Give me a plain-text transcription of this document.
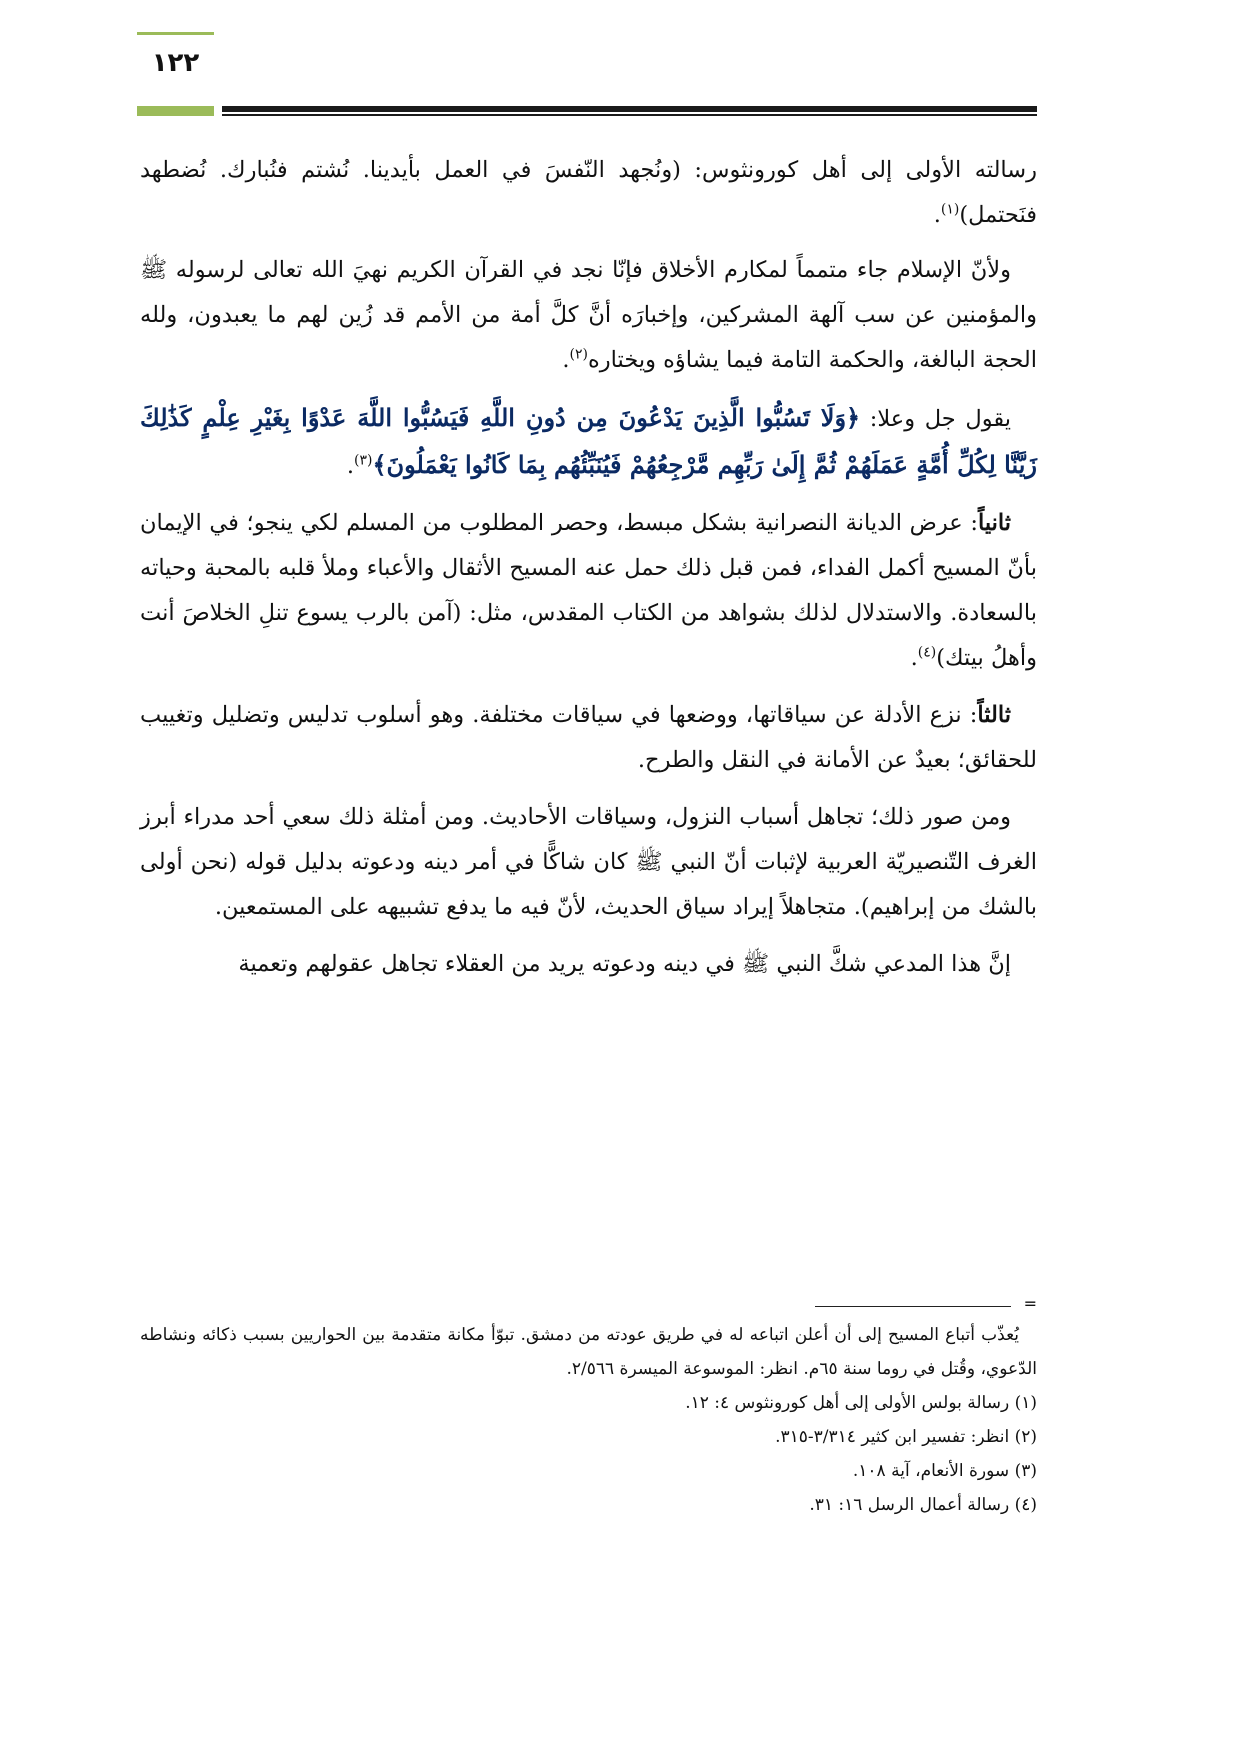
١٢٢

رسالته الأولى إلى أهل كورونثوس: (ونُجهد النّفسَ في العمل بأيدينا. نُشتم فنُبارك. نُضطهد فنَحتمل)$^{(١)}$.

ولأنّ الإسلام جاء متمماً لمكارم الأخلاق فإنّا نجد في القرآن الكريم نهيَ الله تعالى لرسوله ﷺ والمؤمنين عن سب آلهة المشركين، وإخبارَه أنَّ كلَّ أمة من الأمم قد زُين لهم ما يعبدون، ولله الحجة البالغة، والحكمة التامة فيما يشاؤه ويختاره$^{(٢)}$.

يقول جل وعلا: ﴿وَلَا تَسُبُّوا الَّذِينَ يَدْعُونَ مِن دُونِ اللَّهِ فَيَسُبُّوا اللَّهَ عَدْوًا بِغَيْرِ عِلْمٍ كَذَٰلِكَ زَيَّنَّا لِكُلِّ أُمَّةٍ عَمَلَهُمْ ثُمَّ إِلَىٰ رَبِّهِم مَّرْجِعُهُمْ فَيُنَبِّئُهُم بِمَا كَانُوا يَعْمَلُونَ﴾$^{(٣)}$.

ثانياً: عرض الديانة النصرانية بشكل مبسط، وحصر المطلوب من المسلم لكي ينجو؛ في الإيمان بأنّ المسيح أكمل الفداء، فمن قبل ذلك حمل عنه المسيح الأثقال والأعباء وملأ قلبه بالمحبة وحياته بالسعادة. والاستدلال لذلك بشواهد من الكتاب المقدس، مثل: (آمن بالرب يسوع تنلِ الخلاصَ أنت وأهلُ بيتك)$^{(٤)}$.

ثالثاً: نزع الأدلة عن سياقاتها، ووضعها في سياقات مختلفة. وهو أسلوب تدليس وتضليل وتغييب للحقائق؛ بعيدٌ عن الأمانة في النقل والطرح.

ومن صور ذلك؛ تجاهل أسباب النزول، وسياقات الأحاديث. ومن أمثلة ذلك سعي أحد مدراء أبرز الغرف التّنصيريّة العربية لإثبات أنّ النبي ﷺ كان شاكًّا في أمر دينه ودعوته بدليل قوله (نحن أولى بالشك من إبراهيم). متجاهلاً إيراد سياق الحديث، لأنّ فيه ما يدفع تشبيهه على المستمعين.

إنَّ هذا المدعي شكَّ النبي ﷺ في دينه ودعوته يريد من العقلاء تجاهل عقولهم وتعمية

=

يُعذّب أتباع المسيح إلى أن أعلن اتباعه له في طريق عودته من دمشق. تبوّأ مكانة متقدمة بين الحواريين بسبب ذكائه ونشاطه الدّعوي، وقُتل في روما سنة ٦٥م. انظر: الموسوعة الميسرة ٢/٥٦٦.

(١) رسالة بولس الأولى إلى أهل كورونثوس ٤: ١٢.

(٢) انظر: تفسير ابن كثير ٣/٣١٤-٣١٥.

(٣) سورة الأنعام، آية ١٠٨.

(٤) رسالة أعمال الرسل ١٦: ٣١.
